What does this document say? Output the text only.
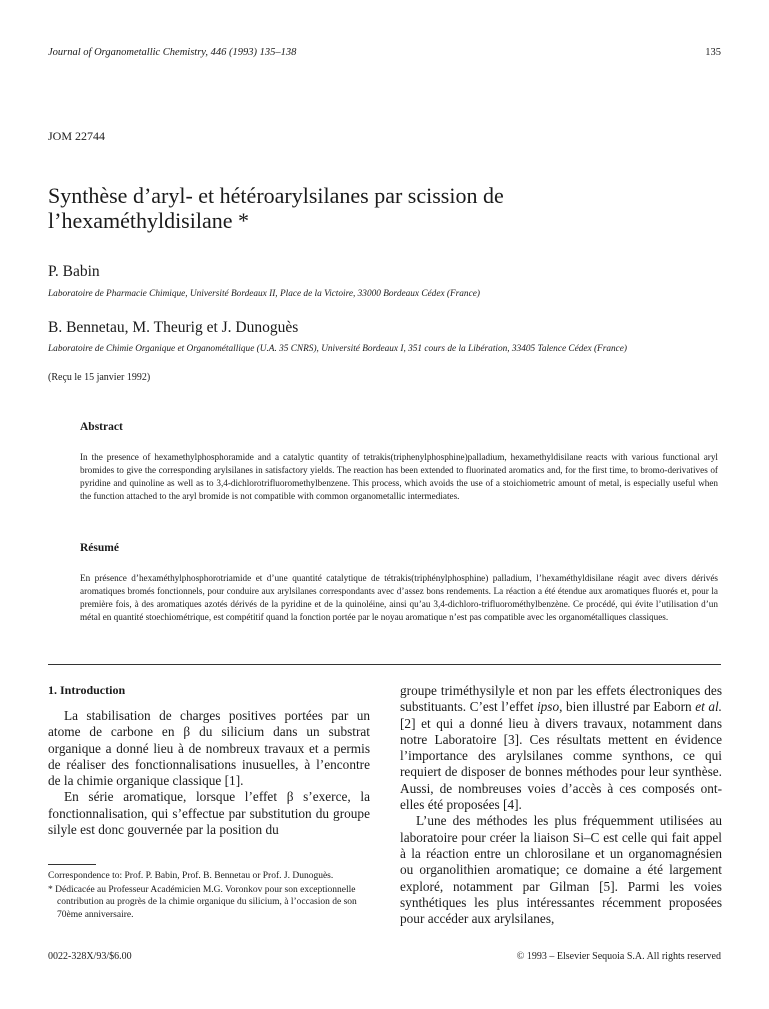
Journal of Organometallic Chemistry, 446 (1993) 135–138	135
JOM 22744
Synthèse d’aryl- et hétéroarylsilanes par scission de l’hexaméthyldisilane *
P. Babin
Laboratoire de Pharmacie Chimique, Université Bordeaux II, Place de la Victoire, 33000 Bordeaux Cédex (France)
B. Bennetau, M. Theurig et J. Dunoguès
Laboratoire de Chimie Organique et Organométallique (U.A. 35 CNRS), Université Bordeaux I, 351 cours de la Libération, 33405 Talence Cédex (France)
(Reçu le 15 janvier 1992)
Abstract
In the presence of hexamethylphosphoramide and a catalytic quantity of tetrakis(triphenylphosphine)palladium, hexamethyldisilane reacts with various functional aryl bromides to give the corresponding arylsilanes in satisfactory yields. The reaction has been extended to fluorinated aromatics and, for the first time, to bromo-derivatives of pyridine and quinoline as well as to 3,4-dichlorotrifluoromethylbenzene. This process, which avoids the use of a stoichiometric amount of metal, is especially useful when the function attached to the aryl bromide is not compatible with common organometallic intermediates.
Résumé
En présence d’hexaméthylphosphorotriamide et d’une quantité catalytique de tétrakis(triphénylphosphine) palladium, l’hexaméthyldisilane réagit avec divers dérivés aromatiques bromés fonctionnels, pour conduire aux arylsilanes correspondants avec d’assez bons rendements. La réaction a été étendue aux aromatiques fluorés et, pour la première fois, à des aromatiques azotés dérivés de la pyridine et de la quinoléine, ainsi qu’au 3,4-dichloro-trifluorométhylbenzène. Ce procédé, qui évite l’utilisation d’un métal en quantité stoechiométrique, est compétitif quand la fonction portée par le noyau aromatique n’est pas compatible avec les organométalliques classiques.
1. Introduction

La stabilisation de charges positives portées par un atome de carbone en β du silicium dans un substrat organique a donné lieu à de nombreux travaux et a permis de réaliser des fonctionnalisations inusuelles, à l’encontre de la chimie organique classique [1].

En série aromatique, lorsque l’effet β s’exerce, la fonctionnalisation, qui s’effectue par substitution du groupe silyle est donc gouvernée par la position du

Correspondence to: Prof. P. Babin, Prof. B. Bennetau or Prof. J. Dunoguès.

* Dédicacée au Professeur Académicien M.G. Voronkov pour son exceptionnelle contribution au progrès de la chimie organique du silicium, à l’occasion de son 70ème anniversaire.

groupe triméthysilyle et non par les effets électroniques des substituants. C’est l’effet ipso, bien illustré par Eaborn et al. [2] et qui a donné lieu à divers travaux, notamment dans notre Laboratoire [3]. Ces résultats mettent en évidence l’importance des arylsilanes comme synthons, ce qui requiert de disposer de bonnes méthodes pour leur synthèse. Aussi, de nombreuses voies d’accès à ces composés ont-elles été proposées [4].

L’une des méthodes les plus fréquemment utilisées au laboratoire pour créer la liaison Si–C est celle qui fait appel à la réaction entre un chlorosilane et un organomagnésien ou organolithien aromatique; ce domaine a été largement exploré, notamment par Gilman [5]. Parmi les voies synthétiques les plus intéressantes récemment proposées pour accéder aux arylsilanes,

0022-328X/93/$6.00	© 1993 – Elsevier Sequoia S.A. All rights reserved
